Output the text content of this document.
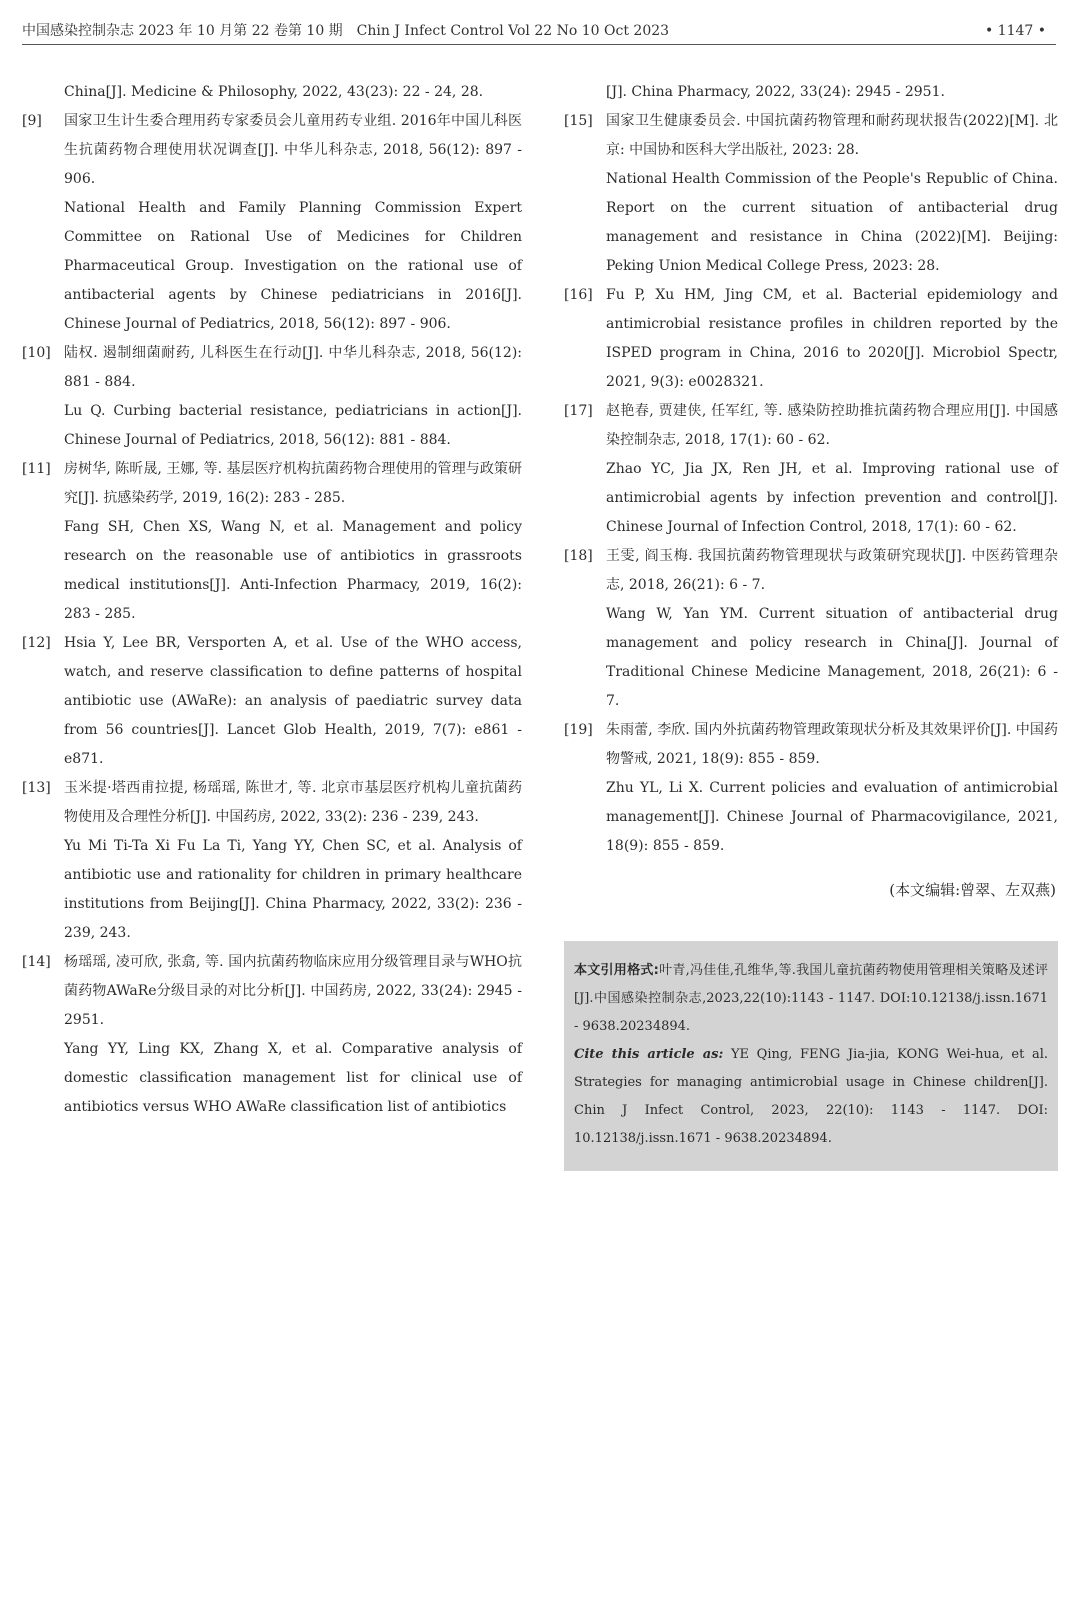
中国感染控制杂志 2023 年 10 月第 22 卷第 10 期　Chin J Infect Control Vol 22 No 10 Oct 2023	• 1147 •

China[J]. Medicine & Philosophy, 2022, 43(23): 22 - 24, 28.

[9]	国家卫生计生委合理用药专家委员会儿童用药专业组. 2016年中国儿科医生抗菌药物合理使用状况调查[J]. 中华儿科杂志, 2018, 56(12): 897 - 906.

National Health and Family Planning Commission Expert Committee on Rational Use of Medicines for Children Pharmaceutical Group. Investigation on the rational use of antibacterial agents by Chinese pediatricians in 2016[J]. Chinese Journal of Pediatrics, 2018, 56(12): 897 - 906.

[10] 陆权. 遏制细菌耐药, 儿科医生在行动[J]. 中华儿科杂志, 2018, 56(12): 881 - 884.

Lu Q. Curbing bacterial resistance, pediatricians in action[J]. Chinese Journal of Pediatrics, 2018, 56(12): 881 - 884.

[11] 房树华, 陈昕晟, 王娜, 等. 基层医疗机构抗菌药物合理使用的管理与政策研究[J]. 抗感染药学, 2019, 16(2): 283 - 285.

Fang SH, Chen XS, Wang N, et al. Management and policy research on the reasonable use of antibiotics in grassroots medical institutions[J]. Anti-Infection Pharmacy, 2019, 16(2): 283 - 285.

[12] Hsia Y, Lee BR, Versporten A, et al. Use of the WHO access, watch, and reserve classification to define patterns of hospital antibiotic use (AWaRe): an analysis of paediatric survey data from 56 countries[J]. Lancet Glob Health, 2019, 7(7): e861 - e871.

[13] 玉米提·塔西甫拉提, 杨瑶瑶, 陈世才, 等. 北京市基层医疗机构儿童抗菌药物使用及合理性分析[J]. 中国药房, 2022, 33(2): 236 - 239, 243.

Yu Mi Ti-Ta Xi Fu La Ti, Yang YY, Chen SC, et al. Analysis of antibiotic use and rationality for children in primary healthcare institutions from Beijing[J]. China Pharmacy, 2022, 33(2): 236 - 239, 243.

[14] 杨瑶瑶, 凌可欣, 张翕, 等. 国内抗菌药物临床应用分级管理目录与WHO抗菌药物AWaRe分级目录的对比分析[J]. 中国药房, 2022, 33(24): 2945 - 2951.

Yang YY, Ling KX, Zhang X, et al. Comparative analysis of domestic classification management list for clinical use of antibiotics versus WHO AWaRe classification list of antibiotics

[J]. China Pharmacy, 2022, 33(24): 2945 - 2951.

[15] 国家卫生健康委员会. 中国抗菌药物管理和耐药现状报告(2022)[M]. 北京: 中国协和医科大学出版社, 2023: 28.

National Health Commission of the People's Republic of China. Report on the current situation of antibacterial drug management and resistance in China (2022)[M]. Beijing: Peking Union Medical College Press, 2023: 28.

[16] Fu P, Xu HM, Jing CM, et al. Bacterial epidemiology and antimicrobial resistance profiles in children reported by the ISPED program in China, 2016 to 2020[J]. Microbiol Spectr, 2021, 9(3): e0028321.

[17] 赵艳春, 贾建侠, 任军红, 等. 感染防控助推抗菌药物合理应用[J]. 中国感染控制杂志, 2018, 17(1): 60 - 62.

Zhao YC, Jia JX, Ren JH, et al. Improving rational use of antimicrobial agents by infection prevention and control[J]. Chinese Journal of Infection Control, 2018, 17(1): 60 - 62.

[18] 王雯, 阎玉梅. 我国抗菌药物管理现状与政策研究现状[J]. 中医药管理杂志, 2018, 26(21): 6 - 7.

Wang W, Yan YM. Current situation of antibacterial drug management and policy research in China[J]. Journal of Traditional Chinese Medicine Management, 2018, 26(21): 6 - 7.

[19] 朱雨蕾, 李欣. 国内外抗菌药物管理政策现状分析及其效果评价[J]. 中国药物警戒, 2021, 18(9): 855 - 859.

Zhu YL, Li X. Current policies and evaluation of antimicrobial management[J]. Chinese Journal of Pharmacovigilance, 2021, 18(9): 855 - 859.

(本文编辑:曾翠、左双燕)

本文引用格式:叶青,冯佳佳,孔维华,等.我国儿童抗菌药物使用管理相关策略及述评[J].中国感染控制杂志,2023,22(10):1143 - 1147. DOI:10.12138/j.issn.1671 - 9638.20234894.

Cite this article as: YE Qing, FENG Jia-jia, KONG Wei-hua, et al. Strategies for managing antimicrobial usage in Chinese children[J]. Chin J Infect Control, 2023, 22(10): 1143 - 1147. DOI: 10.12138/j.issn.1671 - 9638.20234894.
